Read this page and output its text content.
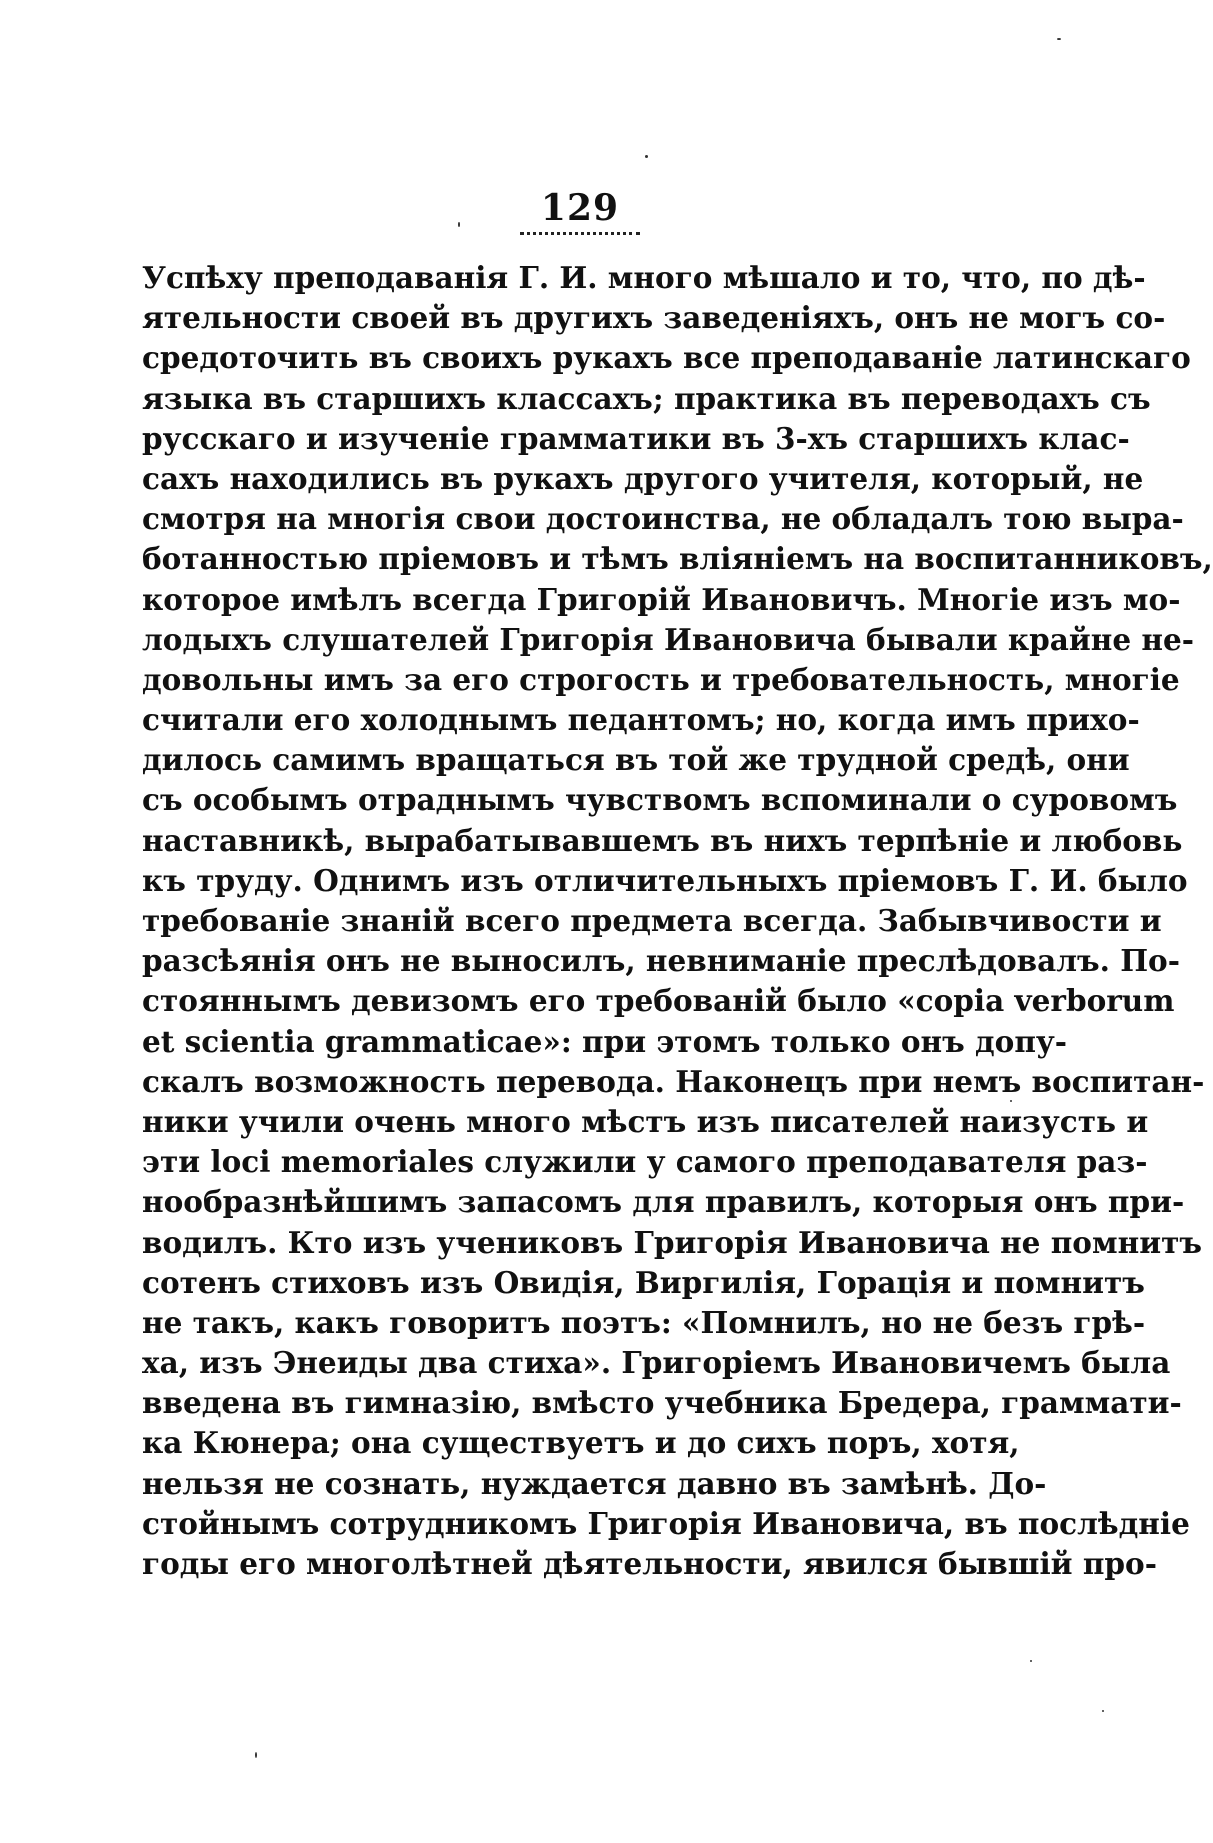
129
Успѣху преподаванія Г. И. много мѣшало и то, что, по дѣ-
ятельности своей въ другихъ заведеніяхъ, онъ не могъ со-
средоточить въ своихъ рукахъ все преподаваніе латинскаго
языка въ старшихъ классахъ; практика въ переводахъ съ
русскаго и изученіе грамматики въ 3-хъ старшихъ клас-
сахъ находились въ рукахъ другого учителя, который, не
смотря на многія свои достоинства, не обладалъ тою выра-
ботанностью пріемовъ и тѣмъ вліяніемъ на воспитанниковъ,
которое имѣлъ всегда Григорій Ивановичъ. Многіе изъ мо-
лодыхъ слушателей Григорія Ивановича бывали крайне не-
довольны имъ за его строгость и требовательность, многіе
считали его холоднымъ педантомъ; но, когда имъ прихо-
дилось самимъ вращаться въ той же трудной средѣ, они
съ особымъ отраднымъ чувствомъ вспоминали о суровомъ
наставникѣ, вырабатывавшемъ въ нихъ терпѣніе и любовь
къ труду. Однимъ изъ отличительныхъ пріемовъ Г. И. было
требованіе знаній всего предмета всегда. Забывчивости и
разсѣянія онъ не выносилъ, невниманіе преслѣдовалъ. По-
стояннымъ девизомъ его требованій было «copia verborum
et scientia grammaticae»: при этомъ только онъ допу-
скалъ возможность перевода. Наконецъ при немъ воспитан-
ники учили очень много мѣстъ изъ писателей наизусть и
эти loci memoriales служили у самого преподавателя раз-
нообразнѣйшимъ запасомъ для правилъ, которыя онъ при-
водилъ. Кто изъ учениковъ Григорія Ивановича не помнитъ
сотенъ стиховъ изъ Овидія, Виргилія, Горація и помнитъ
не такъ, какъ говоритъ поэтъ: «Помнилъ, но не безъ грѣ-
ха, изъ Энеиды два стиха». Григоріемъ Ивановичемъ была
введена въ гимназію, вмѣсто учебника Бредера, граммати-
ка Кюнера; она существуетъ и до сихъ поръ, хотя,
нельзя не сознать, нуждается давно въ замѣнѣ. До-
стойнымъ сотрудникомъ Григорія Ивановича, въ послѣдніе
годы его многолѣтней дѣятельности, явился бывшій про-
